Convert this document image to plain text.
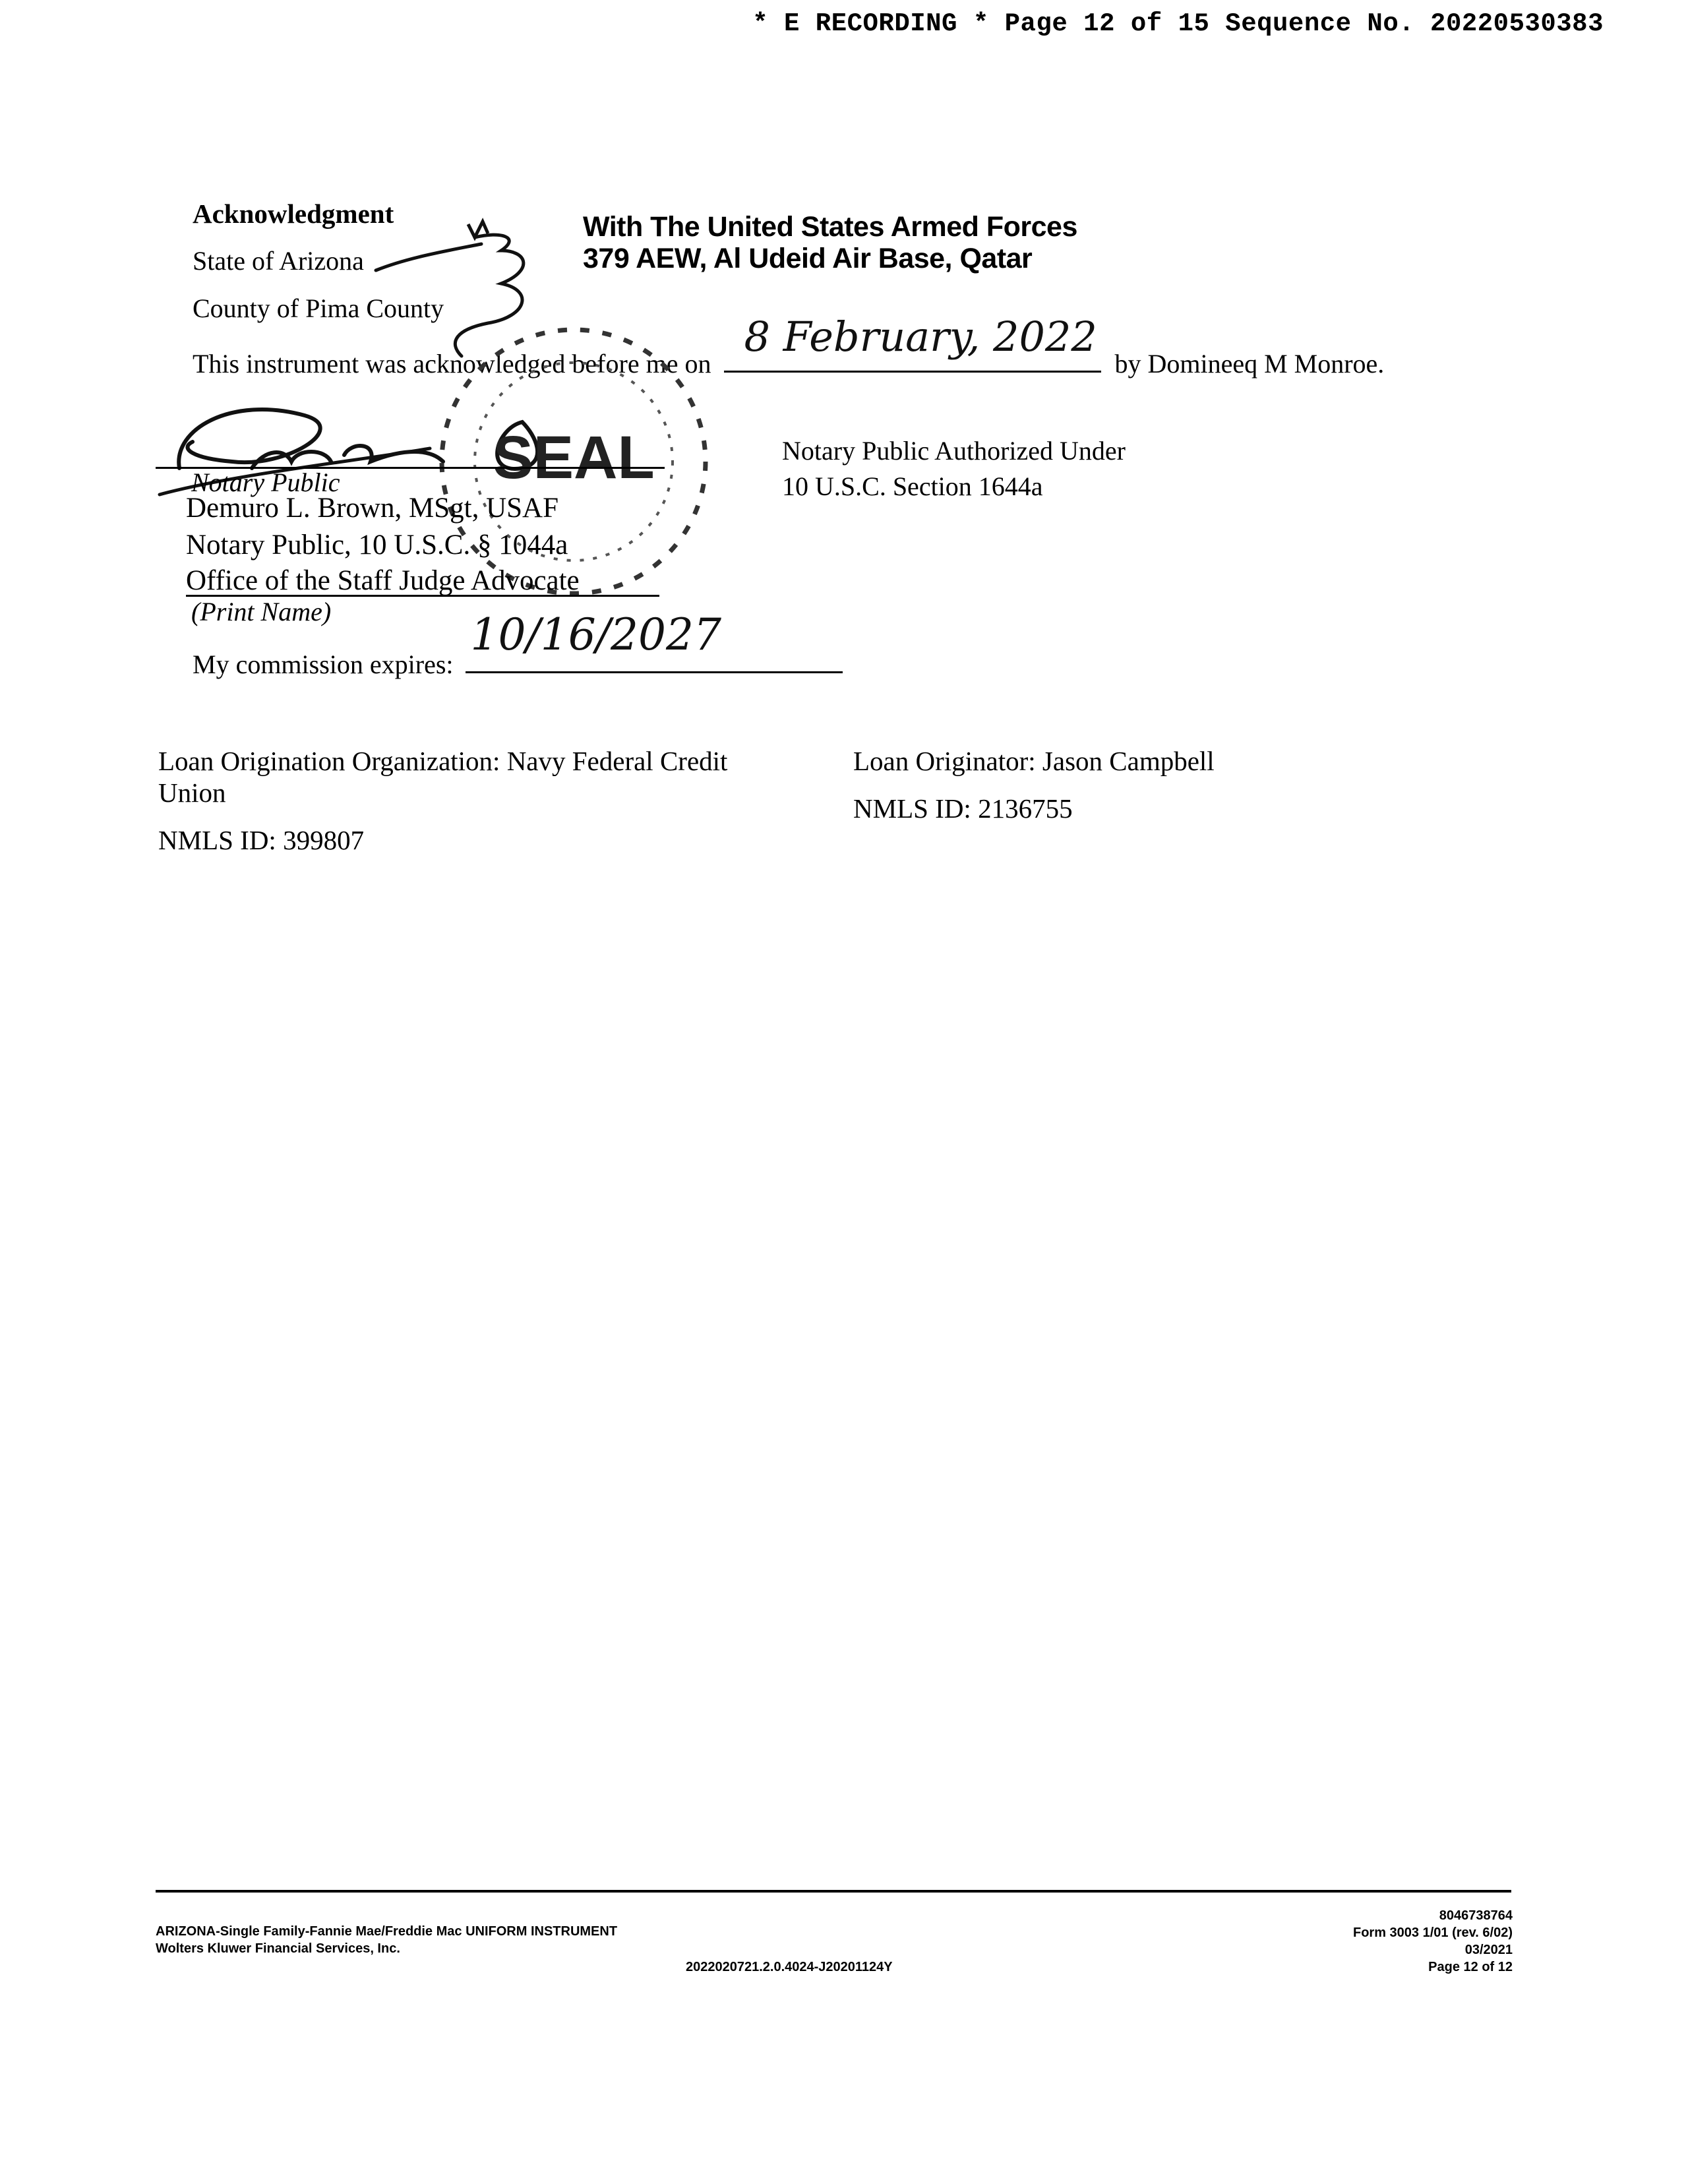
* E RECORDING * Page 12 of 15 Sequence No. 20220530383
Acknowledgment
State of Arizona
County of Pima County
With The United States Armed Forces
379 AEW, Al Udeid Air Base, Qatar
This instrument was acknowledged before me on
8 February, 2022
by Domineeq M Monroe.
SEAL
Notary Public
Demuro L. Brown, MSgt, USAF
Notary Public, 10 U.S.C. § 1044a
Office of the Staff Judge Advocate
(Print Name)
My commission expires:
10/16/2027
Notary Public Authorized Under
10 U.S.C. Section 1644a
Loan Origination Organization: Navy Federal Credit
Union
NMLS ID: 399807
Loan Originator: Jason Campbell
NMLS ID: 2136755
ARIZONA-Single Family-Fannie Mae/Freddie Mac UNIFORM INSTRUMENT
Wolters Kluwer Financial Services, Inc.
2022020721.2.0.4024-J20201124Y
8046738764
Form 3003 1/01 (rev. 6/02)
03/2021
Page 12 of 12
